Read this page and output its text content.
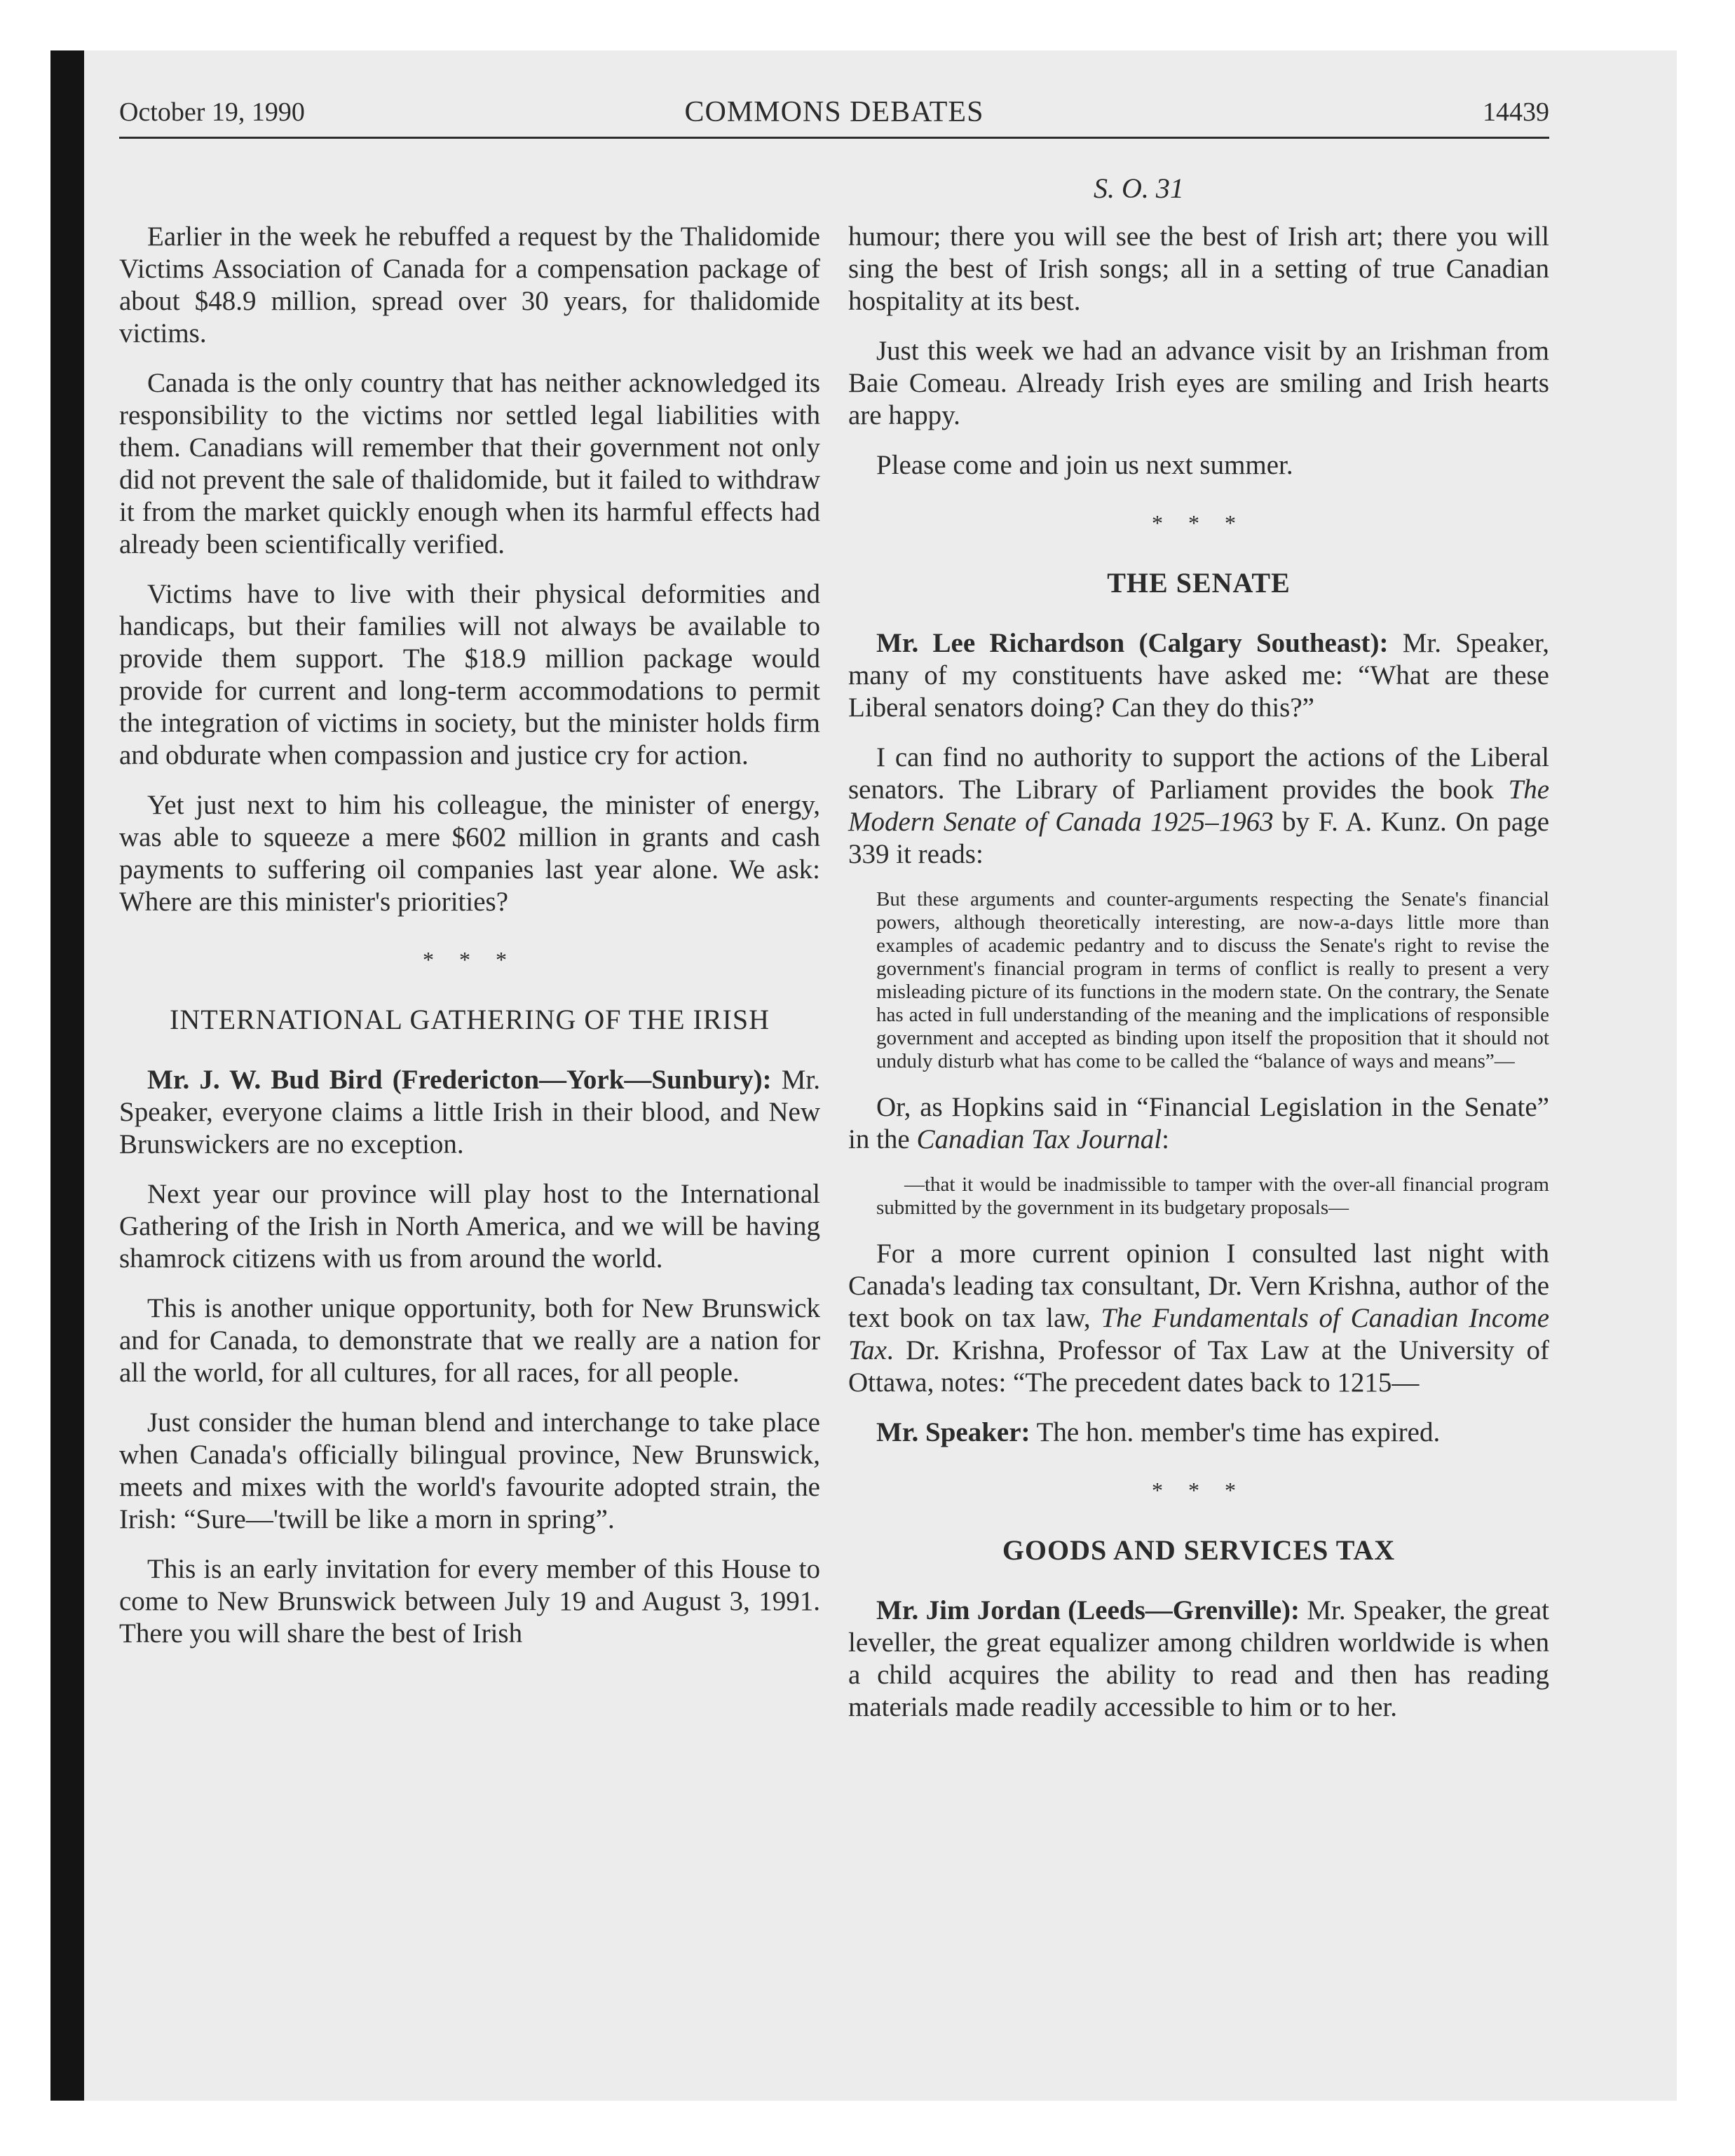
October 19, 1990	COMMONS DEBATES	14439
S. O. 31

Earlier in the week he rebuffed a request by the Thalidomide Victims Association of Canada for a compensation package of about $48.9 million, spread over 30 years, for thalidomide victims.

Canada is the only country that has neither acknowledged its responsibility to the victims nor settled legal liabilities with them. Canadians will remember that their government not only did not prevent the sale of thalidomide, but it failed to withdraw it from the market quickly enough when its harmful effects had already been scientifically verified.

Victims have to live with their physical deformities and handicaps, but their families will not always be available to provide them support. The $18.9 million package would provide for current and long-term accommodations to permit the integration of victims in society, but the minister holds firm and obdurate when compassion and justice cry for action.

Yet just next to him his colleague, the minister of energy, was able to squeeze a mere $602 million in grants and cash payments to suffering oil companies last year alone. We ask: Where are this minister's priorities?

* * *
INTERNATIONAL GATHERING OF THE IRISH

Mr. J. W. Bud Bird (Fredericton—York—Sunbury): Mr. Speaker, everyone claims a little Irish in their blood, and New Brunswickers are no exception.

Next year our province will play host to the International Gathering of the Irish in North America, and we will be having shamrock citizens with us from around the world.

This is another unique opportunity, both for New Brunswick and for Canada, to demonstrate that we really are a nation for all the world, for all cultures, for all races, for all people.

Just consider the human blend and interchange to take place when Canada's officially bilingual province, New Brunswick, meets and mixes with the world's favourite adopted strain, the Irish: “Sure—'twill be like a morn in spring”.

This is an early invitation for every member of this House to come to New Brunswick between July 19 and August 3, 1991. There you will share the best of Irish

humour; there you will see the best of Irish art; there you will sing the best of Irish songs; all in a setting of true Canadian hospitality at its best.

Just this week we had an advance visit by an Irishman from Baie Comeau. Already Irish eyes are smiling and Irish hearts are happy.

Please come and join us next summer.

* * *
THE SENATE

Mr. Lee Richardson (Calgary Southeast): Mr. Speaker, many of my constituents have asked me: “What are these Liberal senators doing? Can they do this?”

I can find no authority to support the actions of the Liberal senators. The Library of Parliament provides the book The Modern Senate of Canada 1925–1963 by F. A. Kunz. On page 339 it reads:

But these arguments and counter-arguments respecting the Senate's financial powers, although theoretically interesting, are now-a-days little more than examples of academic pedantry and to discuss the Senate's right to revise the government's financial program in terms of conflict is really to present a very misleading picture of its functions in the modern state. On the contrary, the Senate has acted in full understanding of the meaning and the implications of responsible government and accepted as binding upon itself the proposition that it should not unduly disturb what has come to be called the “balance of ways and means”—

Or, as Hopkins said in “Financial Legislation in the Senate” in the Canadian Tax Journal:

—that it would be inadmissible to tamper with the over-all financial program submitted by the government in its budgetary proposals—

For a more current opinion I consulted last night with Canada's leading tax consultant, Dr. Vern Krishna, author of the text book on tax law, The Fundamentals of Canadian Income Tax. Dr. Krishna, Professor of Tax Law at the University of Ottawa, notes: “The precedent dates back to 1215—

Mr. Speaker: The hon. member's time has expired.

* * *
GOODS AND SERVICES TAX

Mr. Jim Jordan (Leeds—Grenville): Mr. Speaker, the great leveller, the great equalizer among children worldwide is when a child acquires the ability to read and then has reading materials made readily accessible to him or to her.
